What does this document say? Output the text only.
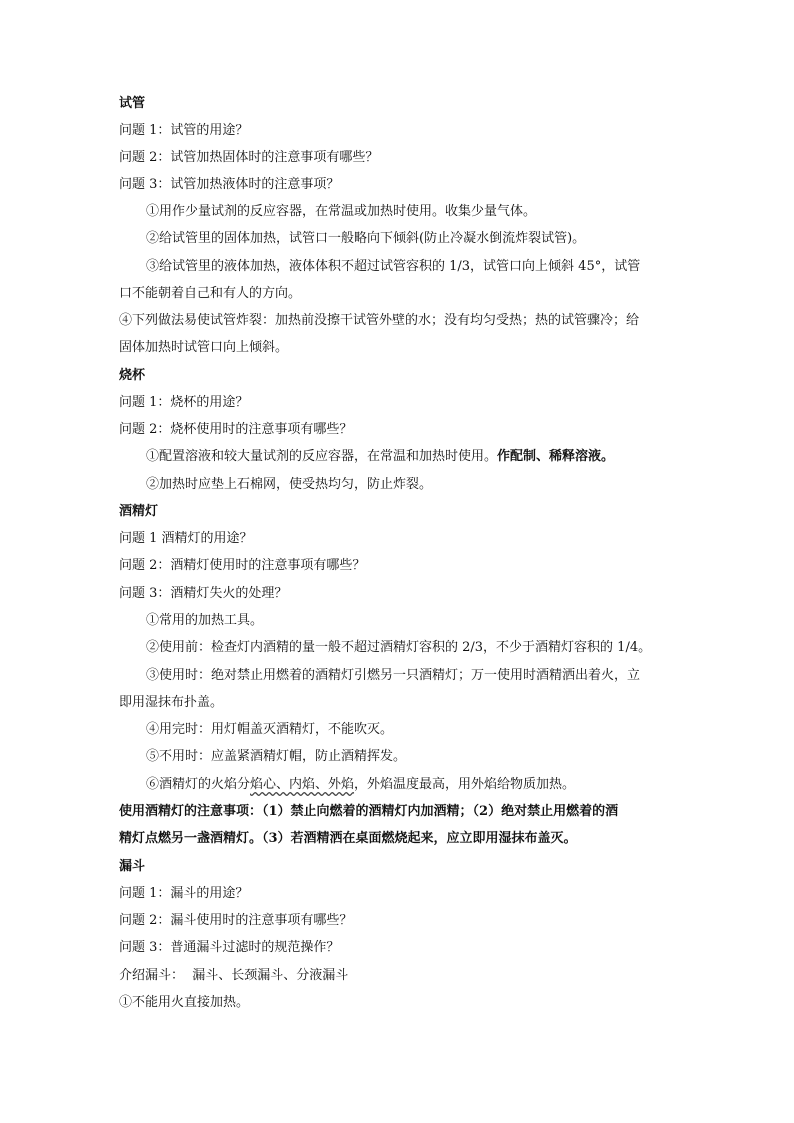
试管
问题 1：试管的用途？
问题 2：试管加热固体时的注意事项有哪些？
问题 3：试管加热液体时的注意事项？
①用作少量试剂的反应容器，在常温或加热时使用。收集少量气体。
②给试管里的固体加热，试管口一般略向下倾斜(防止冷凝水倒流炸裂试管)。
③给试管里的液体加热，液体体积不超过试管容积的 1/3，试管口向上倾斜 45°，试管
口不能朝着自己和有人的方向。
④下列做法易使试管炸裂：加热前没擦干试管外壁的水；没有均匀受热；热的试管骤冷；给
固体加热时试管口向上倾斜。
烧杯
问题 1：烧杯的用途？
问题 2：烧杯使用时的注意事项有哪些？
①配置溶液和较大量试剂的反应容器，在常温和加热时使用。作配制、稀释溶液。
②加热时应垫上石棉网，使受热均匀，防止炸裂。
酒精灯
问题 1 酒精灯的用途？
问题 2：酒精灯使用时的注意事项有哪些？
问题 3：酒精灯失火的处理？
①常用的加热工具。
②使用前：检查灯内酒精的量一般不超过酒精灯容积的 2/3，不少于酒精灯容积的 1/4。
③使用时：绝对禁止用燃着的酒精灯引燃另一只酒精灯；万一使用时酒精洒出着火，立
即用湿抹布扑盖。
④用完时：用灯帽盖灭酒精灯，不能吹灭。
⑤不用时：应盖紧酒精灯帽，防止酒精挥发。
⑥酒精灯的火焰分焰心、内焰、外焰，外焰温度最高，用外焰给物质加热。
使用酒精灯的注意事项：（1）禁止向燃着的酒精灯内加酒精；（2）绝对禁止用燃着的酒
精灯点燃另一盏酒精灯。（3）若酒精洒在桌面燃烧起来，应立即用湿抹布盖灭。
漏斗
问题 1：漏斗的用途？
问题 2：漏斗使用时的注意事项有哪些？
问题 3：普通漏斗过滤时的规范操作？
介绍漏斗：  漏斗、长颈漏斗、分液漏斗
①不能用火直接加热。
